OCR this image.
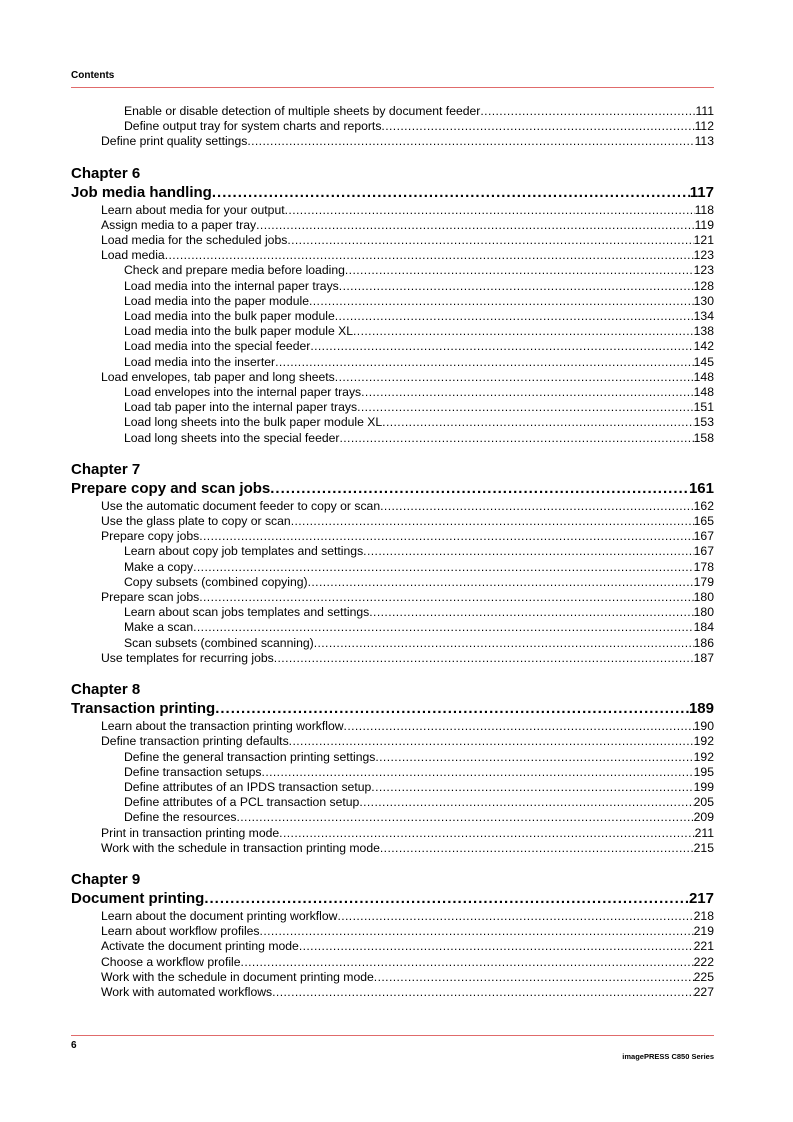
Contents
Enable or disable detection of multiple sheets by document feeder .....	111
Define output tray for system charts and reports .....	112
Define print quality settings .....	113
Chapter 6
Job media handling .....	117
Learn about media for your output .....	118
Assign media to a paper tray .....	119
Load media for the scheduled jobs .....	121
Load media .....	123
Check and prepare media before loading .....	123
Load media into the internal paper trays .....	128
Load media into the paper module .....	130
Load media into the bulk paper module .....	134
Load media into the bulk paper module XL .....	138
Load media into the special feeder .....	142
Load media into the inserter .....	145
Load envelopes, tab paper and long sheets .....	148
Load envelopes into the internal paper trays .....	148
Load tab paper into the internal paper trays .....	151
Load long sheets into the bulk paper module XL .....	153
Load long sheets into the special feeder .....	158
Chapter 7
Prepare copy and scan jobs .....	161
Use the automatic document feeder to copy or scan .....	162
Use the glass plate to copy or scan .....	165
Prepare copy jobs .....	167
Learn about copy job templates and settings .....	167
Make a copy .....	178
Copy subsets (combined copying) .....	179
Prepare scan jobs .....	180
Learn about scan jobs templates and settings .....	180
Make a scan .....	184
Scan subsets (combined scanning) .....	186
Use templates for recurring jobs .....	187
Chapter 8
Transaction printing .....	189
Learn about the transaction printing workflow .....	190
Define transaction printing defaults .....	192
Define the general transaction printing settings .....	192
Define transaction setups .....	195
Define attributes of an IPDS transaction setup .....	199
Define attributes of a PCL transaction setup .....	205
Define the resources .....	209
Print in transaction printing mode .....	211
Work with the schedule in transaction printing mode .....	215
Chapter 9
Document printing .....	217
Learn about the document printing workflow .....	218
Learn about workflow profiles .....	219
Activate the document printing mode .....	221
Choose a workflow profile .....	222
Work with the schedule in document printing mode .....	225
Work with automated workflows .....	227
6
imagePRESS C850 Series
